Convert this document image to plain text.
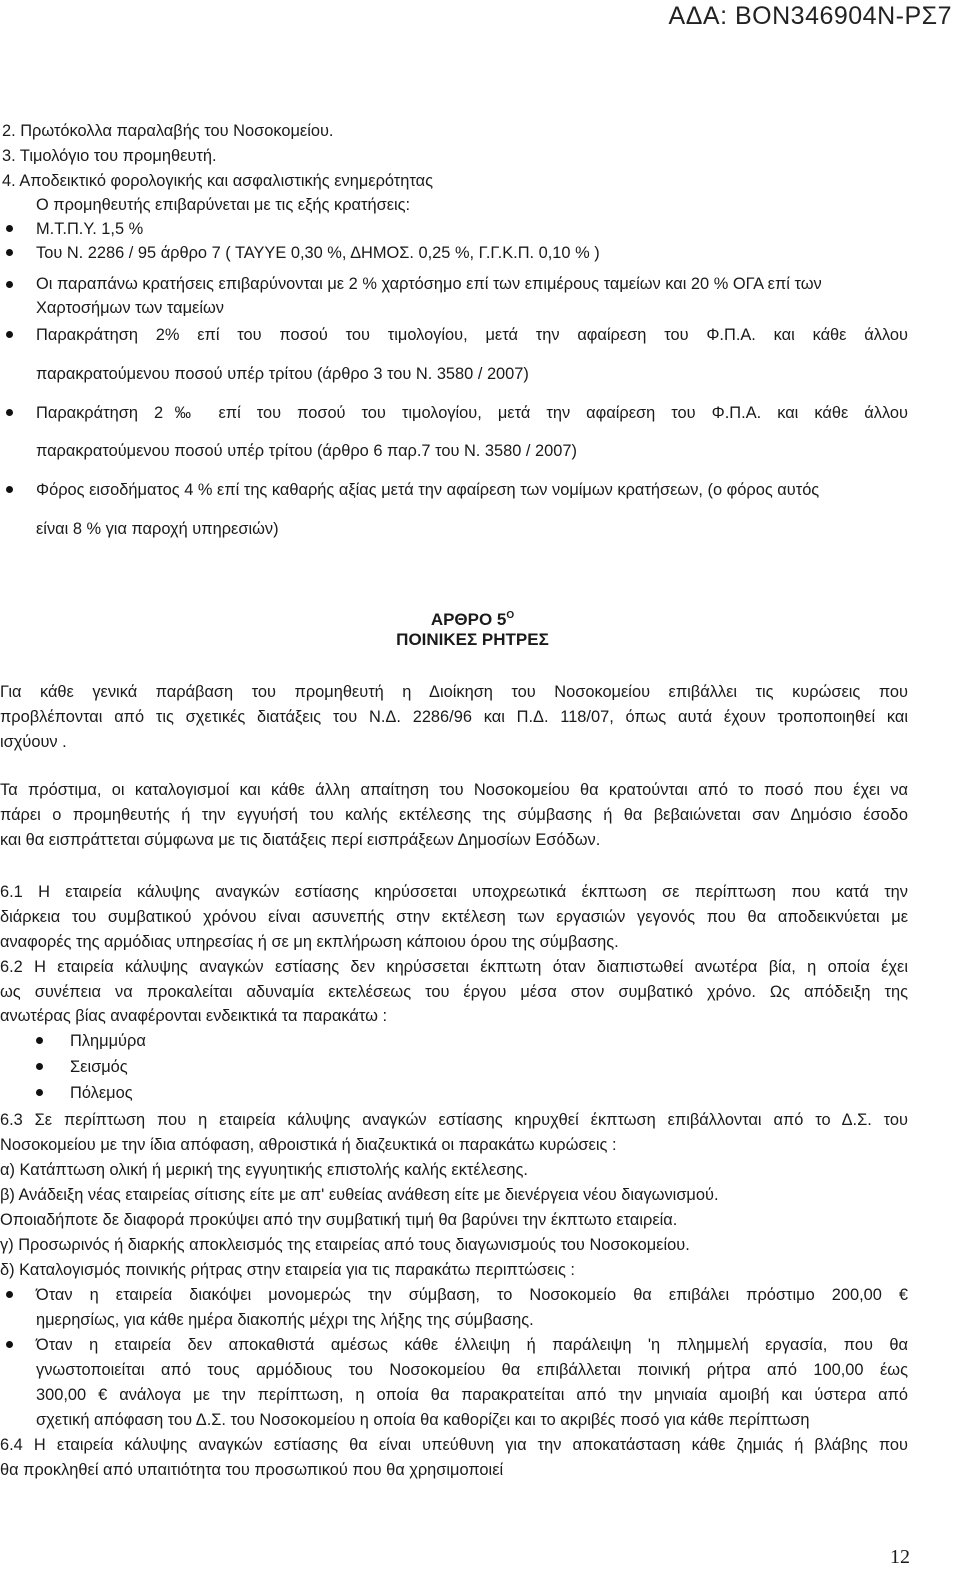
ΑΔΑ: ΒΟΝ346904Ν-ΡΣ7
2. Πρωτόκολλα παραλαβής του Νοσοκομείου.
3. Τιμολόγιο του προμηθευτή.
4. Αποδεικτικό φορολογικής και ασφαλιστικής ενημερότητας
Ο προμηθευτής επιβαρύνεται με τις εξής κρατήσεις:
Μ.Τ.Π.Υ. 1,5 %
Του Ν. 2286 / 95 άρθρο 7 ( ΤΑΥΥΕ 0,30 %, ΔΗΜΟΣ. 0,25 %, Γ.Γ.Κ.Π. 0,10 % )
Οι παραπάνω κρατήσεις επιβαρύνονται με 2 % χαρτόσημο επί των επιμέρους ταμείων και 20 % ΟΓΑ επί των
Χαρτοσήμων των ταμείων
Παρακράτηση 2% επί του ποσού του τιμολογίου, μετά την αφαίρεση του Φ.Π.Α. και κάθε άλλου
παρακρατούμενου ποσού υπέρ τρίτου (άρθρο 3 του Ν. 3580 / 2007)
Παρακράτηση 2‰ επί του ποσού του τιμολογίου, μετά την αφαίρεση του Φ.Π.Α. και κάθε άλλου
παρακρατούμενου ποσού υπέρ τρίτου (άρθρο 6 παρ.7 του Ν. 3580 / 2007)
Φόρος εισοδήματος 4 % επί της καθαρής αξίας μετά την αφαίρεση των νομίμων κρατήσεων, (ο φόρος αυτός
είναι 8 % για παροχή υπηρεσιών)
ΑΡΘΡΟ $5^O$
ΠΟΙΝΙΚΕΣ ΡΗΤΡΕΣ
Για κάθε γενικά παράβαση του προμηθευτή η Διοίκηση του Νοσοκομείου επιβάλλει τις κυρώσεις που
προβλέπονται από τις σχετικές διατάξεις του Ν.Δ. 2286/96 και Π.Δ. 118/07, όπως αυτά έχουν τροποποιηθεί και
ισχύουν .
Τα πρόστιμα, οι καταλογισμοί και κάθε άλλη απαίτηση του Νοσοκομείου θα κρατούνται από το ποσό που έχει να
πάρει ο προμηθευτής ή την εγγυήσή του καλής εκτέλεσης της σύμβασης ή θα βεβαιώνεται σαν Δημόσιο έσοδο
και θα εισπράττεται σύμφωνα με τις διατάξεις περί εισπράξεων Δημοσίων Εσόδων.
6.1 Η εταιρεία κάλυψης αναγκών εστίασης κηρύσσεται υποχρεωτικά έκπτωση σε περίπτωση που κατά την
διάρκεια του συμβατικού χρόνου είναι ασυνεπής στην εκτέλεση των εργασιών γεγονός που θα αποδεικνύεται με
αναφορές της αρμόδιας υπηρεσίας ή σε μη εκπλήρωση κάποιου όρου της σύμβασης.
6.2 Η εταιρεία κάλυψης αναγκών εστίασης δεν κηρύσσεται έκπτωτη όταν διαπιστωθεί ανωτέρα βία, η οποία έχει
ως συνέπεια να προκαλείται αδυναμία εκτελέσεως του έργου μέσα στον συμβατικό χρόνο. Ως απόδειξη της
ανωτέρας βίας αναφέρονται ενδεικτικά τα παρακάτω :
Πλημμύρα
Σεισμός
Πόλεμος
6.3 Σε περίπτωση που η εταιρεία κάλυψης αναγκών εστίασης κηρυχθεί έκπτωση επιβάλλονται από το Δ.Σ. του
Νοσοκομείου με την ίδια απόφαση, αθροιστικά ή διαζευκτικά οι παρακάτω κυρώσεις :
α) Κατάπτωση ολική ή μερική της εγγυητικής επιστολής καλής εκτέλεσης.
β) Ανάδειξη νέας εταιρείας σίτισης είτε με απ' ευθείας ανάθεση είτε με διενέργεια νέου διαγωνισμού.
Οποιαδήποτε δε διαφορά προκύψει από την συμβατική τιμή θα βαρύνει την έκπτωτο εταιρεία.
γ) Προσωρινός ή διαρκής αποκλεισμός της εταιρείας από τους διαγωνισμούς του Νοσοκομείου.
δ) Καταλογισμός ποινικής ρήτρας στην εταιρεία για τις παρακάτω περιπτώσεις :
Όταν η εταιρεία διακόψει μονομερώς την σύμβαση, το Νοσοκομείο θα επιβάλει πρόστιμο 200,00 €
ημερησίως, για κάθε ημέρα διακοπής μέχρι της λήξης της σύμβασης.
Όταν η εταιρεία δεν αποκαθιστά αμέσως κάθε έλλειψη ή παράλειψη 'η πλημμελή εργασία, που θα
γνωστοποιείται από τους αρμόδιους του Νοσοκομείου θα επιβάλλεται ποινική ρήτρα από 100,00 έως
300,00 € ανάλογα με την περίπτωση, η οποία θα παρακρατείται από την μηνιαία αμοιβή και ύστερα από
σχετική απόφαση του Δ.Σ. του Νοσοκομείου η οποία θα καθορίζει και το ακριβές ποσό για κάθε περίπτωση
6.4 Η εταιρεία κάλυψης αναγκών εστίασης θα είναι υπεύθυνη για την αποκατάσταση κάθε ζημιάς ή βλάβης που
θα προκληθεί από υπαιτιότητα του προσωπικού που θα χρησιμοποιεί
12
